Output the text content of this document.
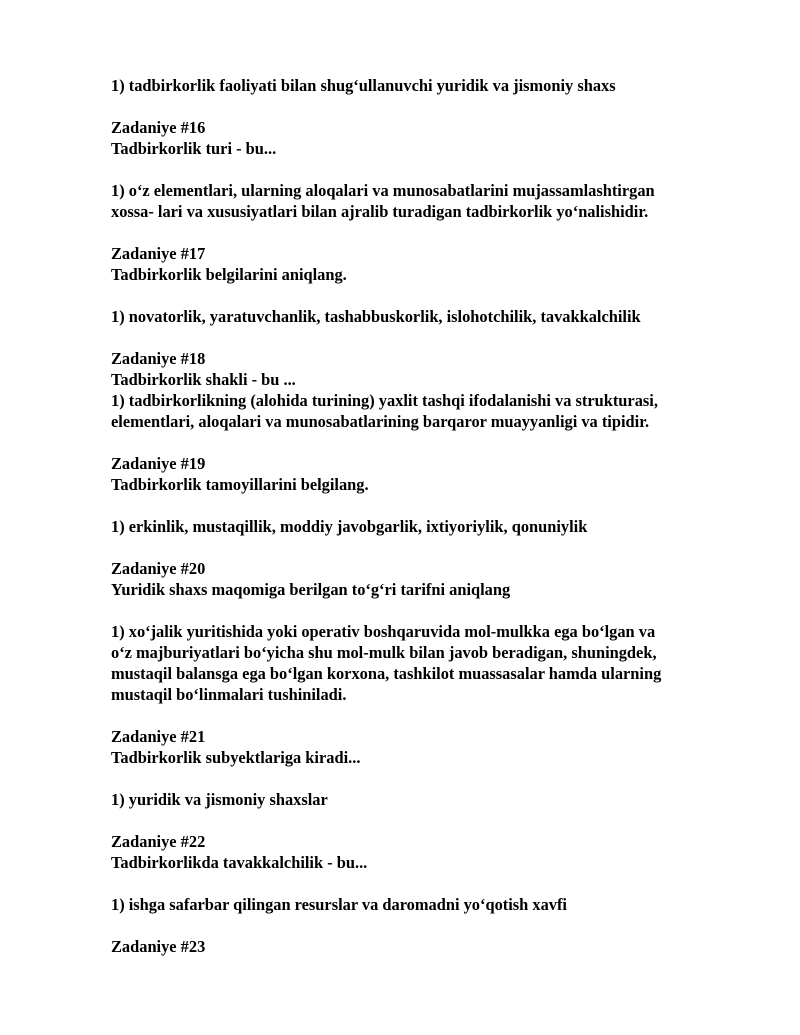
1) tadbirkorlik faoliyati bilan shug‘ullanuvchi yuridik va jismoniy shaxs
Zadaniye #16
Tadbirkorlik turi - bu...
1) o‘z elementlari, ularning aloqalari va munosabatlarini mujassamlashtirgan
xossa- lari va xususiyatlari bilan ajralib turadigan tadbirkorlik yo‘nalishidir.
Zadaniye #17
Tadbirkorlik belgilarini aniqlang.
1) novatorlik, yaratuvchanlik, tashabbuskorlik, islohotchilik, tavakkalchilik
Zadaniye #18
Tadbirkorlik shakli - bu ...
1) tadbirkorlikning (alohida turining) yaxlit tashqi ifodalanishi va strukturasi,
elementlari, aloqalari va munosabatlarining barqaror muayyanligi va tipidir.
Zadaniye #19
Tadbirkorlik tamoyillarini belgilang.
1) erkinlik, mustaqillik, moddiy javobgarlik, ixtiyoriylik, qonuniylik
Zadaniye #20
Yuridik shaxs maqomiga berilgan to‘g‘ri tarifni aniqlang
1) xo‘jalik yuritishida yoki operativ boshqaruvida mol-mulkka ega bo‘lgan va
o‘z majburiyatlari bo‘yicha shu mol-mulk bilan javob beradigan, shuningdek,
mustaqil balansga ega bo‘lgan korxona, tashkilot muassasalar hamda ularning
mustaqil bo‘linmalari tushiniladi.
Zadaniye #21
Tadbirkorlik subyektlariga kiradi...
1) yuridik va jismoniy shaxslar
Zadaniye #22
Tadbirkorlikda tavakkalchilik - bu...
1) ishga safarbar qilingan resurslar va daromadni yo‘qotish xavfi
Zadaniye #23
